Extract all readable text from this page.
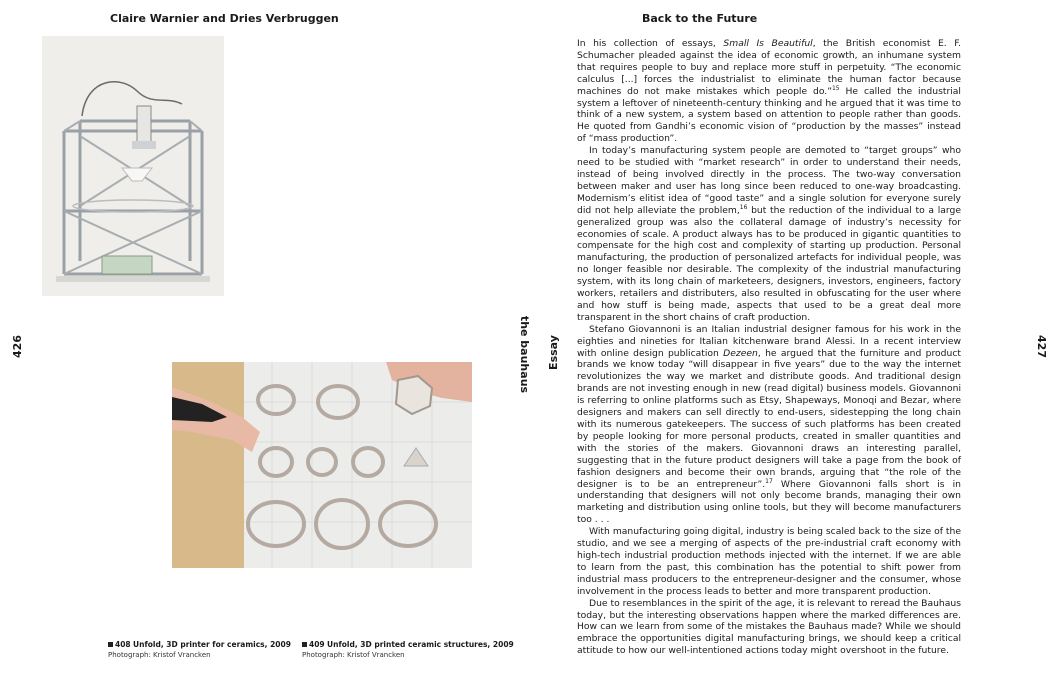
Claire Warnier and Dries Verbruggen	Back to the Future
426	427
the bauhaus Essay
408 Unfold, 3D printer for ceramics, 2009
Photograph: Kristof Vrancken
409 Unfold, 3D printed ceramic structures, 2009
Photograph: Kristof Vrancken

In his collection of essays, Small Is Beautiful, the British economist E. F. Schumacher pleaded against the idea of economic growth, an inhumane system that requires people to buy and replace more stuff in perpetuity. “The economic calculus [...] forces the industrialist to eliminate the human factor because machines do not make mistakes which people do.”$^{15}$ He called the industrial system a leftover of nineteenth-century thinking and he argued that it was time to think of a new system, a system based on attention to people rather than goods. He quoted from Gandhi’s economic vision of “production by the masses” instead of “mass production”.

In today’s manufacturing system people are demoted to “target groups” who need to be studied with “market research” in order to understand their needs, instead of being involved directly in the process. The two-way conversation between maker and user has long since been reduced to one-way broadcasting. Modernism’s elitist idea of “good taste” and a single solution for everyone surely did not help alleviate the problem,$^{16}$ but the reduction of the individual to a large generalized group was also the collateral damage of industry’s necessity for economies of scale. A product always has to be produced in gigantic quantities to compensate for the high cost and complexity of starting up production. Personal manufacturing, the production of personalized artefacts for individual people, was no longer feasible nor desirable. The complexity of the industrial manufacturing system, with its long chain of marketeers, designers, investors, engineers, factory workers, retailers and distributers, also resulted in obfuscating for the user where and how stuff is being made, aspects that used to be a great deal more transparent in the short chains of craft production.

Stefano Giovannoni is an Italian industrial designer famous for his work in the eighties and nineties for Italian kitchenware brand Alessi. In a recent interview with online design publication Dezeen, he argued that the furniture and product brands we know today “will disappear in five years” due to the way the internet revolutionizes the way we market and distribute goods. And traditional design brands are not investing enough in new (read digital) business models. Giovannoni is referring to online platforms such as Etsy, Shapeways, Monoqi and Bezar, where designers and makers can sell directly to end-users, sidestepping the long chain with its numerous gatekeepers. The success of such platforms has been created by people looking for more personal products, created in smaller quantities and with the stories of the makers. Giovannoni draws an interesting parallel, suggesting that in the future product designers will take a page from the book of fashion designers and become their own brands, arguing that “the role of the designer is to be an entrepreneur”.$^{17}$ Where Giovannoni falls short is in understanding that designers will not only become brands, managing their own marketing and distribution using online tools, but they will become manufacturers too . . .

With manufacturing going digital, industry is being scaled back to the size of the studio, and we see a merging of aspects of the pre-industrial craft economy with high-tech industrial production methods injected with the internet. If we are able to learn from the past, this combination has the potential to shift power from industrial mass producers to the entrepreneur-designer and the consumer, whose involvement in the process leads to better and more transparent production.

Due to resemblances in the spirit of the age, it is relevant to reread the Bauhaus today, but the interesting observations happen where the marked differences are. How can we learn from some of the mistakes the Bauhaus made? While we should embrace the opportunities digital manufacturing brings, we should keep a critical attitude to how our well-intentioned actions today might overshoot in the future.
